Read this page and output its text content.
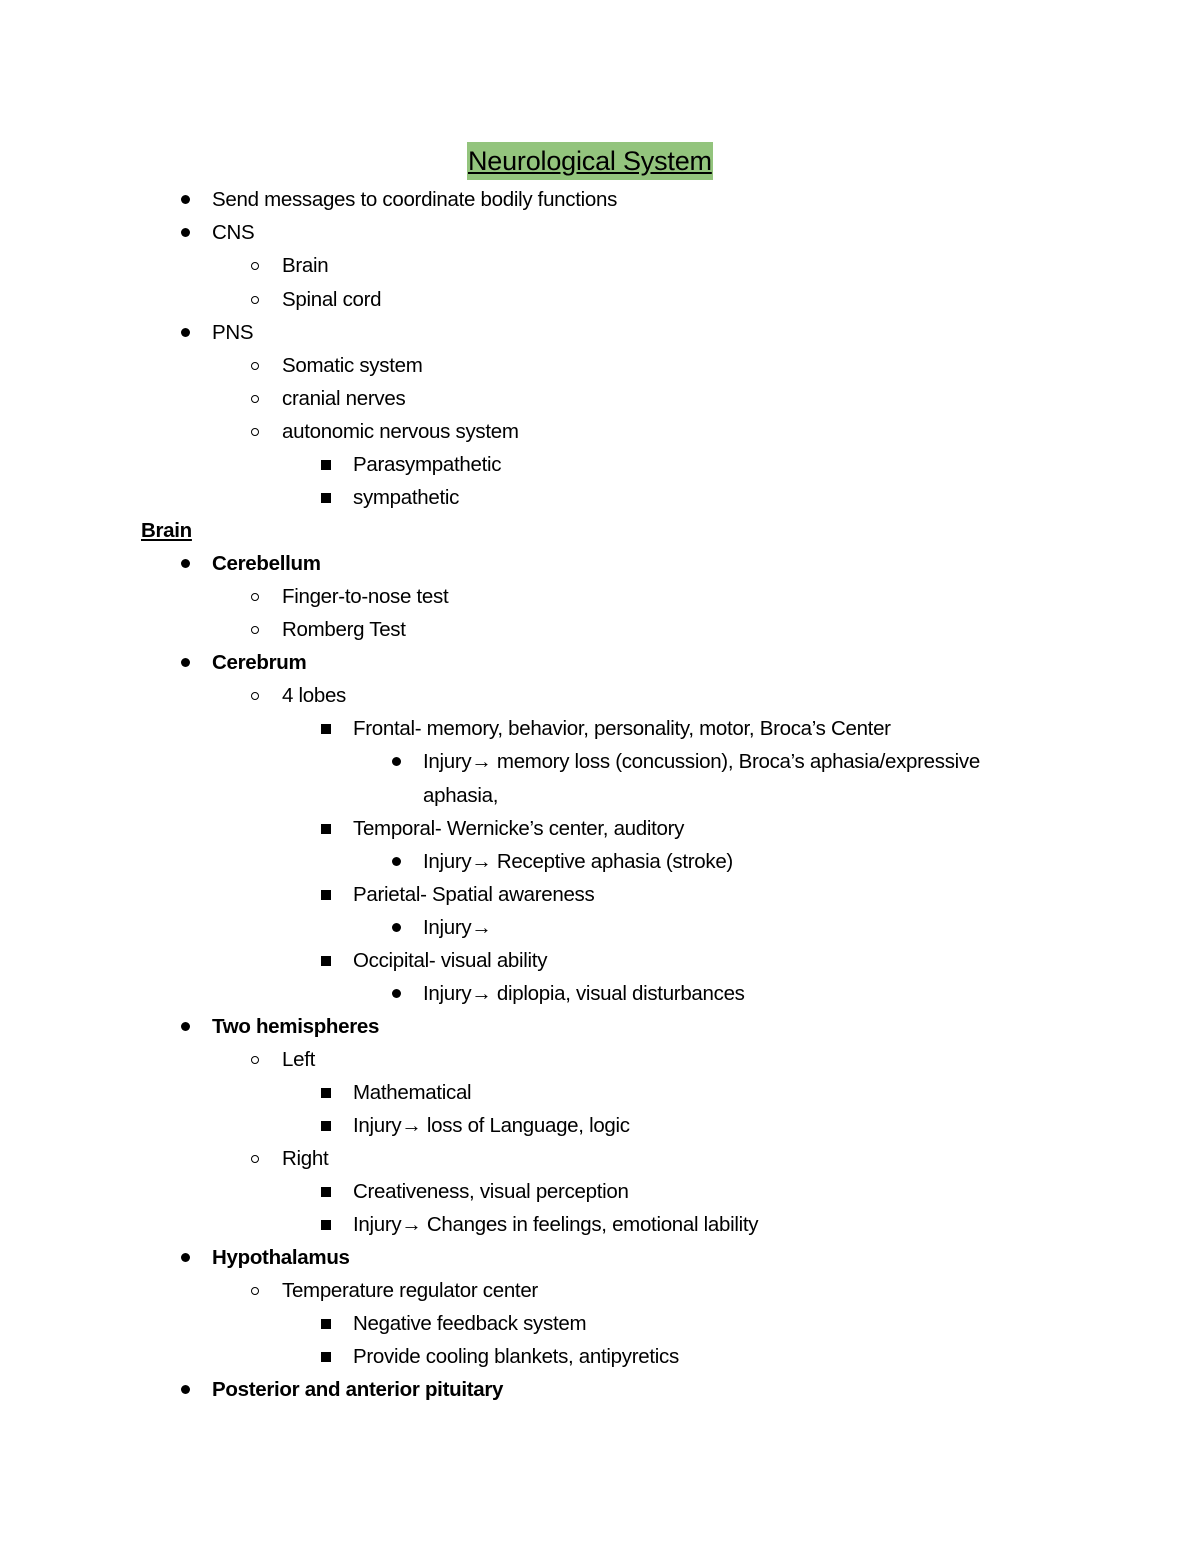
Neurological System
Send messages to coordinate bodily functions
CNS
Brain
Spinal cord
PNS
Somatic system
cranial nerves
autonomic nervous system
Parasympathetic
sympathetic
Brain
Cerebellum
Finger-to-nose test
Romberg Test
Cerebrum
4 lobes
Frontal- memory, behavior, personality, motor, Broca’s Center
Injury→ memory loss (concussion), Broca’s aphasia/expressive
aphasia,
Temporal- Wernicke’s center, auditory
Injury→ Receptive aphasia (stroke)
Parietal- Spatial awareness
Injury→
Occipital- visual ability
Injury→ diplopia, visual disturbances
Two hemispheres
Left
Mathematical
Injury→ loss of Language, logic
Right
Creativeness, visual perception
Injury→ Changes in feelings, emotional lability
Hypothalamus
Temperature regulator center
Negative feedback system
Provide cooling blankets, antipyretics
Posterior and anterior pituitary
